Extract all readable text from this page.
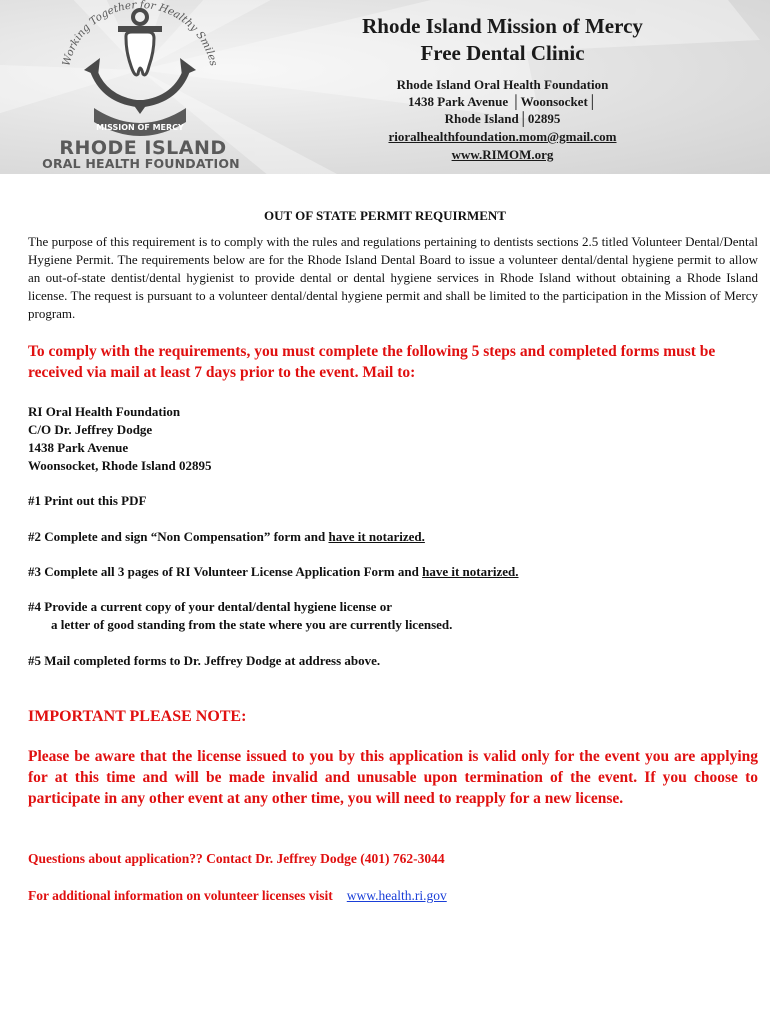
Working Together for Healthy Smiles
MISSION OF MERCY
RHODE ISLAND
ORAL HEALTH FOUNDATION
Rhode Island Mission of Mercy
Free Dental Clinic
Rhode Island Oral Health Foundation
1438 Park Avenue │Woonsocket│
Rhode Island│02895
rioralhealthfoundation.mom@gmail.com
www.RIMOM.org
OUT OF STATE PERMIT REQUIRMENT

The purpose of this requirement is to comply with the rules and regulations pertaining to dentists sections 2.5 titled Volunteer Dental/Dental Hygiene Permit. The requirements below are for the Rhode Island Dental Board to issue a volunteer dental/dental hygiene permit to allow an out-of-state dentist/dental hygienist to provide dental or dental hygiene services in Rhode Island without obtaining a Rhode Island license. The request is pursuant to a volunteer dental/dental hygiene permit and shall be limited to the participation in the Mission of Mercy program.

To comply with the requirements, you must complete the following 5 steps and completed forms must be received via mail at least 7 days prior to the event. Mail to:

RI Oral Health Foundation
C/O Dr. Jeffrey Dodge
1438 Park Avenue
Woonsocket, Rhode Island 02895
#1 Print out this PDF
#2 Complete and sign “Non Compensation” form and have it notarized.
#3 Complete all 3 pages of RI Volunteer License Application Form and have it notarized.
#4 Provide a current copy of your dental/dental hygiene license or
a letter of good standing from the state where you are currently licensed.
#5 Mail completed forms to Dr. Jeffrey Dodge at address above.
IMPORTANT PLEASE NOTE:

Please be aware that the license issued to you by this application is valid only for the event you are applying for at this time and will be made invalid and unusable upon termination of the event. If you choose to participate in any other event at any other time, you will need to reapply for a new license.

Questions about application?? Contact Dr. Jeffrey Dodge (401) 762-3044
For additional information on volunteer licenses visit www.health.ri.gov
